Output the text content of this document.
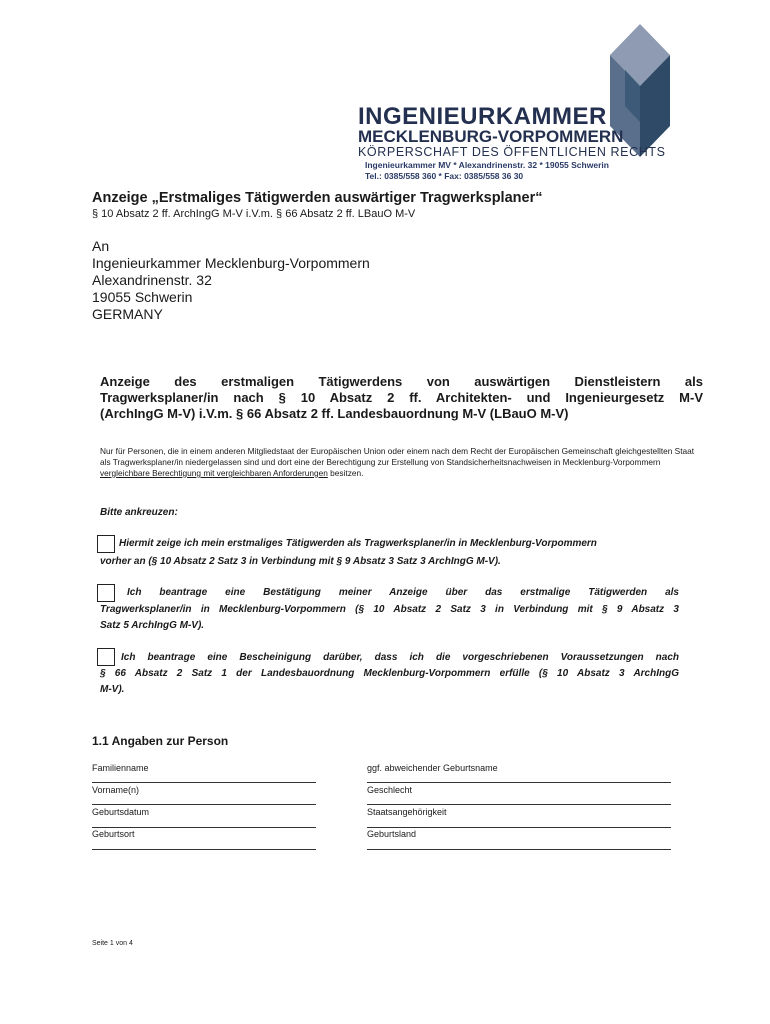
INGENIEURKAMMER
MECKLENBURG-VORPOMMERN
KÖRPERSCHAFT DES ÖFFENTLICHEN RECHTS
Ingenieurkammer MV * Alexandrinenstr. 32 * 19055 Schwerin
Tel.: 0385/558 360 * Fax: 0385/558 36 30
Anzeige „Erstmaliges Tätigwerden auswärtiger Tragwerksplaner“
§ 10 Absatz 2 ff. ArchIngG M-V i.V.m. § 66 Absatz 2 ff. LBauO M-V
An
Ingenieurkammer Mecklenburg-Vorpommern
Alexandrinenstr. 32
19055 Schwerin
GERMANY
Anzeige des erstmaligen Tätigwerdens von auswärtigen Dienstleistern als
Tragwerksplaner/in nach § 10 Absatz 2 ff. Architekten- und Ingenieurgesetz M-V
(ArchIngG M-V) i.V.m. § 66 Absatz 2 ff. Landesbauordnung M-V (LBauO M-V)
Nur für Personen, die in einem anderen Mitgliedstaat der Europäischen Union oder einem nach dem Recht der Europäischen Gemeinschaft gleichgestellten Staat als Tragwerksplaner/in niedergelassen sind und dort eine der Berechtigung zur Erstellung von Standsicherheitsnachweisen in Mecklenburg-Vorpommern vergleichbare Berechtigung mit vergleichbaren Anforderungen besitzen.
Bitte ankreuzen:
Hiermit zeige ich mein erstmaliges Tätigwerden als Tragwerksplaner/in in Mecklenburg-Vorpommern
vorher an (§ 10 Absatz 2 Satz 3 in Verbindung mit § 9 Absatz 3 Satz 3 ArchIngG M-V).
Ich beantrage eine Bestätigung meiner Anzeige über das erstmalige Tätigwerden als
Tragwerksplaner/in in Mecklenburg-Vorpommern (§ 10 Absatz 2 Satz 3 in Verbindung mit § 9 Absatz 3
Satz 5 ArchIngG M-V).
Ich beantrage eine Bescheinigung darüber, dass ich die vorgeschriebenen Voraussetzungen nach
§ 66 Absatz 2 Satz 1 der Landesbauordnung Mecklenburg-Vorpommern erfülle (§ 10 Absatz 3 ArchIngG
M-V).
1.1 Angaben zur Person
Familienname
Vorname(n)
Geburtsdatum
Geburtsort
ggf. abweichender Geburtsname
Geschlecht
Staatsangehörigkeit
Geburtsland
Seite 1 von 4
